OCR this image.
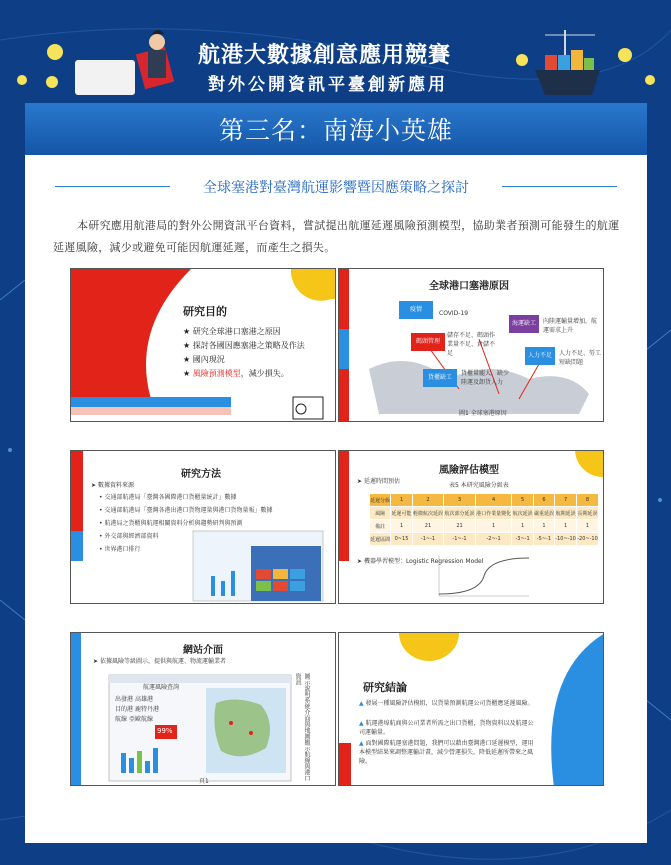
航港大數據創意應用競賽
對外公開資訊平臺創新應用
第三名：南海小英雄
全球塞港對臺灣航運影響暨因應策略之探討
本研究應用航港局的對外公開資訊平台資料，嘗試提出航運延遲風險預測模型，協助業者預測可能發生的航運延遲風險，減少或避免可能因航運延遲，而產生之損失。
研究目的
★ 研究全球港口塞港之原因
★ 探討各國因應塞港之策略及作法
★ 國內現況
★ 風險預測模型，減少損失。
全球港口塞港原因
疫情
COVID-19
碼頭管理
儲存不足、碼頭作業量不足、倉儲不足
海運缺工	內陸運輸量增加，航運需求上升
貨櫃缺工
貨櫃量龐大，缺少陸運及卸貨人力
人力不足	人力不足、勞工短缺問題
圖1 全球塞港原因
研究方法
➤ 數據資料來源
• 交通部航港局「臺灣各國際港口貨櫃量統計」數據
• 交通部航港局「臺灣各港出港口貨物運量與港口貨物量報」數據
• 航港局之貨櫃與航運相關資料分析與趨勢研判與預測
• 外交部與經濟部資料
• 世界港口排行
風險評估模型
➤ 延遲時間預估
表5 本研究風險分級表
延遲分級	1	2	3	4	5	6	7	8
風險	延遲可能	輕微航次延誤	航次部分延誤	港口作業量變化	航次延誤	嚴重延誤	航期延誤	長期延誤
備註	1	21	21	1	1	1	1	1
延遲區間	0~15	-1~-1	-1~-1	-2~-1	-3~-1	-5~-1	-10~-10	-20~-10
➤ 機器學習模型：Logistic Regression Model
網站介面
➤ 依據風險等級圖示，提供與航運、物流運輸業者
航運風險查詢
出發港 高雄港
目的港 鹿特丹港
航線 亞歐航線
99%	圖示說明系統介面與地圖顯示航線與港口資訊
頁1
研究結論
▲ 發展一種風險評估模組，以貨量預測航運公司貨櫃應延遲風險。
▲ 航運港埠航商與公司業者所需之出口貨櫃，貨物資料以及航運公司運輸量。
▲ 面對國際航運塞港問題，我們可以藉由臺灣港口延遲模型，運用本模型結果來調整運輸計畫，減少營運損失，降低延遲所帶來之風險。
